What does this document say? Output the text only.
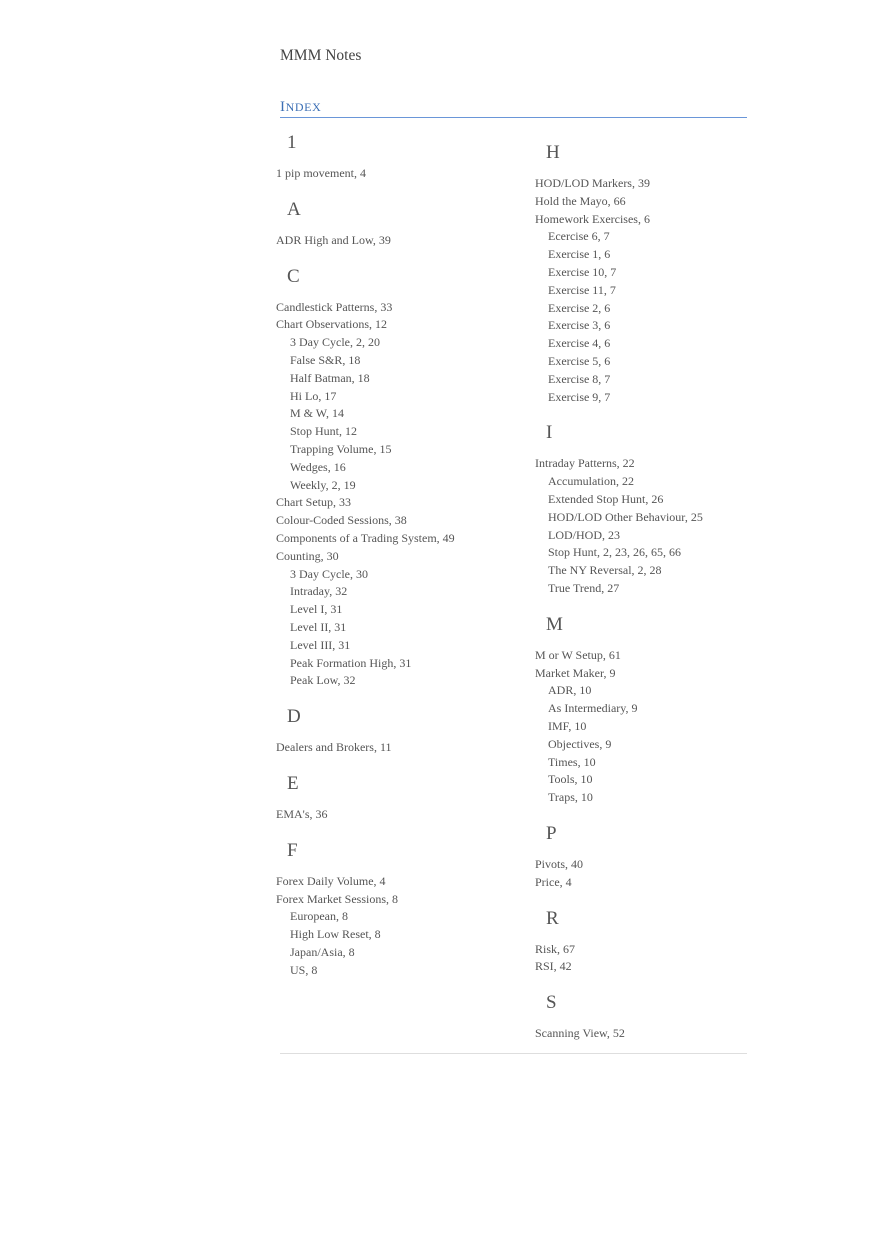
MMM Notes
INDEX
1
1 pip movement, 4
A
ADR High and Low, 39
C
Candlestick Patterns, 33
Chart Observations, 12
3 Day Cycle, 2, 20
False S&R, 18
Half Batman, 18
Hi Lo, 17
M & W, 14
Stop Hunt, 12
Trapping Volume, 15
Wedges, 16
Weekly, 2, 19
Chart Setup, 33
Colour-Coded Sessions, 38
Components of a Trading System, 49
Counting, 30
3 Day Cycle, 30
Intraday, 32
Level I, 31
Level II, 31
Level III, 31
Peak Formation High, 31
Peak Low, 32
D
Dealers and Brokers, 11
E
EMA's, 36
F
Forex Daily Volume, 4
Forex Market Sessions, 8
European, 8
High Low Reset, 8
Japan/Asia, 8
US, 8
H
HOD/LOD Markers, 39
Hold the Mayo, 66
Homework Exercises, 6
Ecercise 6, 7
Exercise 1, 6
Exercise 10, 7
Exercise 11, 7
Exercise 2, 6
Exercise 3, 6
Exercise 4, 6
Exercise 5, 6
Exercise 8, 7
Exercise 9, 7
I
Intraday Patterns, 22
Accumulation, 22
Extended Stop Hunt, 26
HOD/LOD Other Behaviour, 25
LOD/HOD, 23
Stop Hunt, 2, 23, 26, 65, 66
The NY Reversal, 2, 28
True Trend, 27
M
M or W Setup, 61
Market Maker, 9
ADR, 10
As Intermediary, 9
IMF, 10
Objectives, 9
Times, 10
Tools, 10
Traps, 10
P
Pivots, 40
Price, 4
R
Risk, 67
RSI, 42
S
Scanning View, 52
